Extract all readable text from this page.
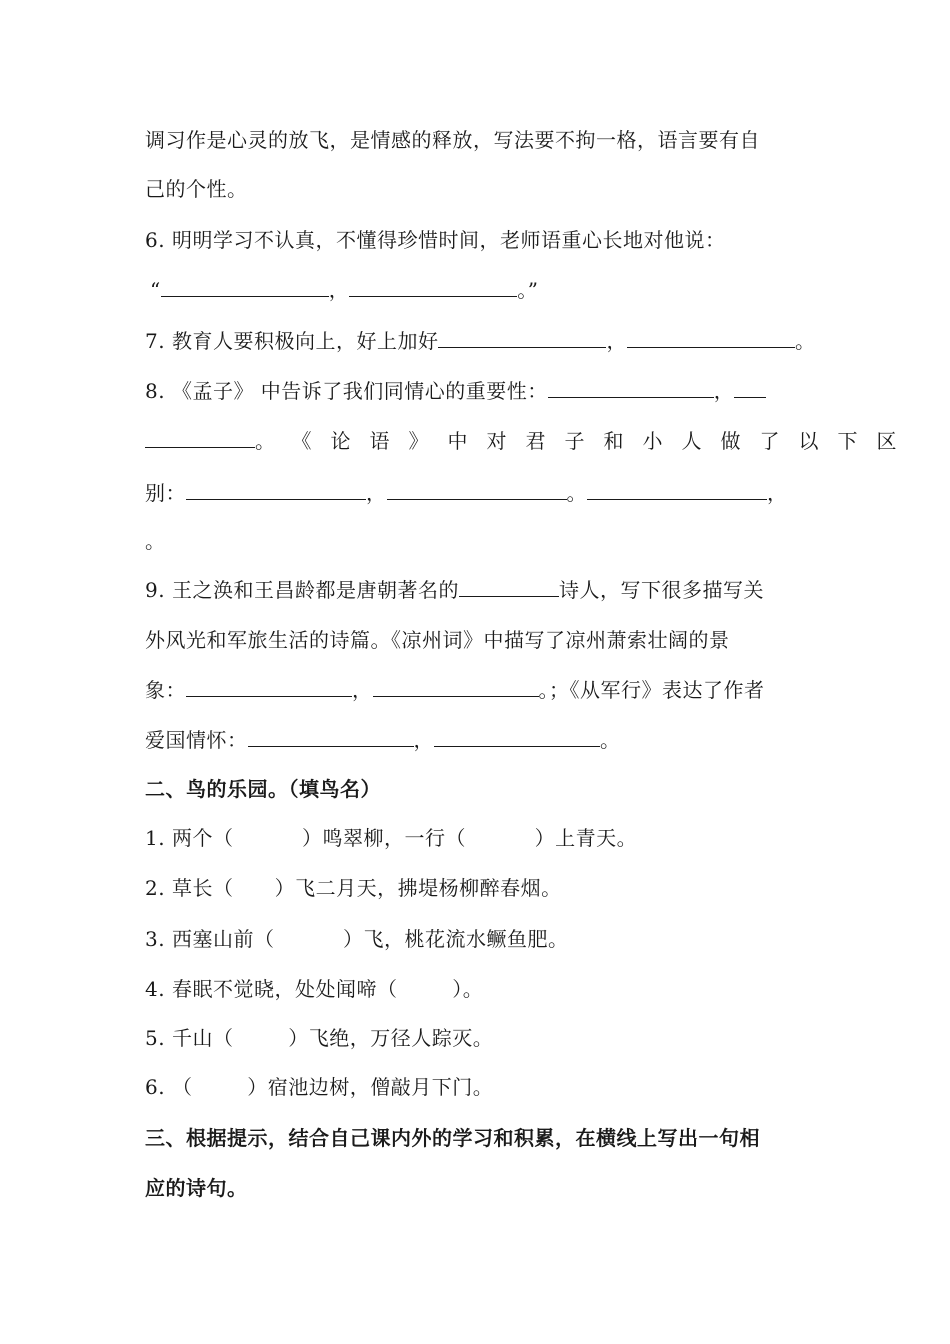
调习作是心灵的放飞，是情感的释放，写法要不拘一格，语言要有自
己的个性。
6. 明明学习不认真，不懂得珍惜时间，老师语重心长地对他说：
“	，	。”
7. 教育人要积极向上，好上加好	，	。
8. 《孟子》 中告诉了我们同情心的重要性：	，
。 《论语》中对君子和小人做了以下区
别：	，	。	，
。
9. 王之涣和王昌龄都是唐朝著名的	诗人，写下很多描写关
外风光和军旅生活的诗篇。《凉州词》中描写了凉州萧索壮阔的景
象：	，	。；《从军行》表达了作者
爱国情怀：	，	。
二、鸟的乐园。（填鸟名）
1. 两个（          ）鸣翠柳，一行（          ）上青天。
2. 草长（      ）飞二月天，拂堤杨柳醉春烟。
3. 西塞山前（          ）飞，桃花流水鳜鱼肥。
4. 春眠不觉晓，处处闻啼（        ）。
5. 千山（        ）飞绝，万径人踪灭。
6. （        ）宿池边树，僧敲月下门。
三、根据提示，结合自己课内外的学习和积累，在横线上写出一句相
应的诗句。
